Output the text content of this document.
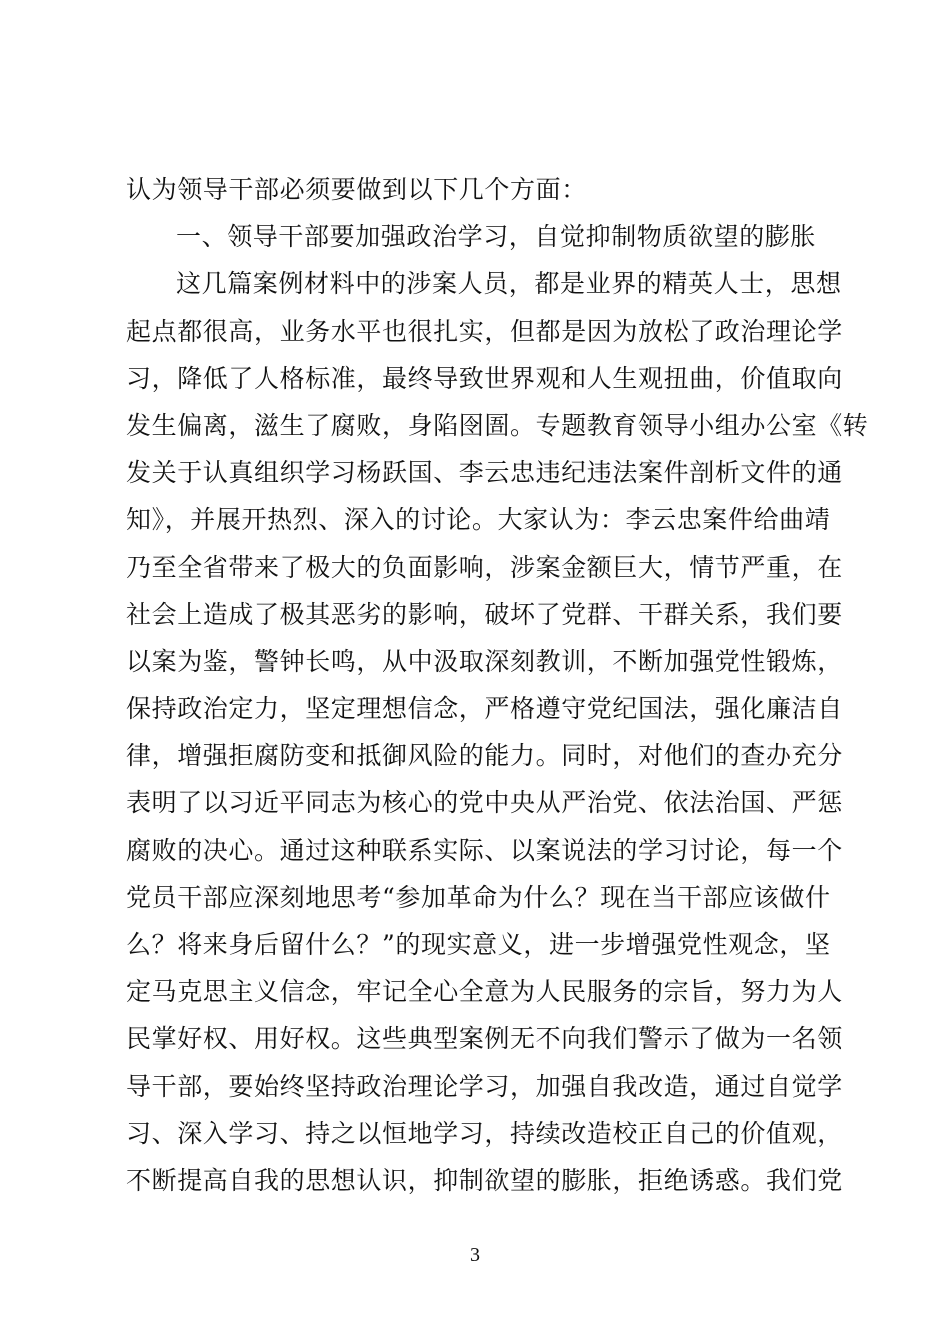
认为领导干部必须要做到以下几个方面：
一、领导干部要加强政治学习，自觉抑制物质欲望的膨胀
这几篇案例材料中的涉案人员，都是业界的精英人士，思想
起点都很高，业务水平也很扎实，但都是因为放松了政治理论学
习，降低了人格标准，最终导致世界观和人生观扭曲，价值取向
发生偏离，滋生了腐败，身陷囹圄。专题教育领导小组办公室《转
发关于认真组织学习杨跃国、李云忠违纪违法案件剖析文件的通
知》，并展开热烈、深入的讨论。大家认为：李云忠案件给曲靖
乃至全省带来了极大的负面影响，涉案金额巨大，情节严重，在
社会上造成了极其恶劣的影响，破坏了党群、干群关系，我们要
以案为鉴，警钟长鸣，从中汲取深刻教训，不断加强党性锻炼，
保持政治定力，坚定理想信念，严格遵守党纪国法，强化廉洁自
律，增强拒腐防变和抵御风险的能力。同时，对他们的查办充分
表明了以习近平同志为核心的党中央从严治党、依法治国、严惩
腐败的决心。通过这种联系实际、以案说法的学习讨论，每一个
党员干部应深刻地思考“参加革命为什么？现在当干部应该做什
么？将来身后留什么？”的现实意义，进一步增强党性观念，坚
定马克思主义信念，牢记全心全意为人民服务的宗旨，努力为人
民掌好权、用好权。这些典型案例无不向我们警示了做为一名领
导干部，要始终坚持政治理论学习，加强自我改造，通过自觉学
习、深入学习、持之以恒地学习，持续改造校正自己的价值观，
不断提高自我的思想认识，抑制欲望的膨胀，拒绝诱惑。我们党
3
